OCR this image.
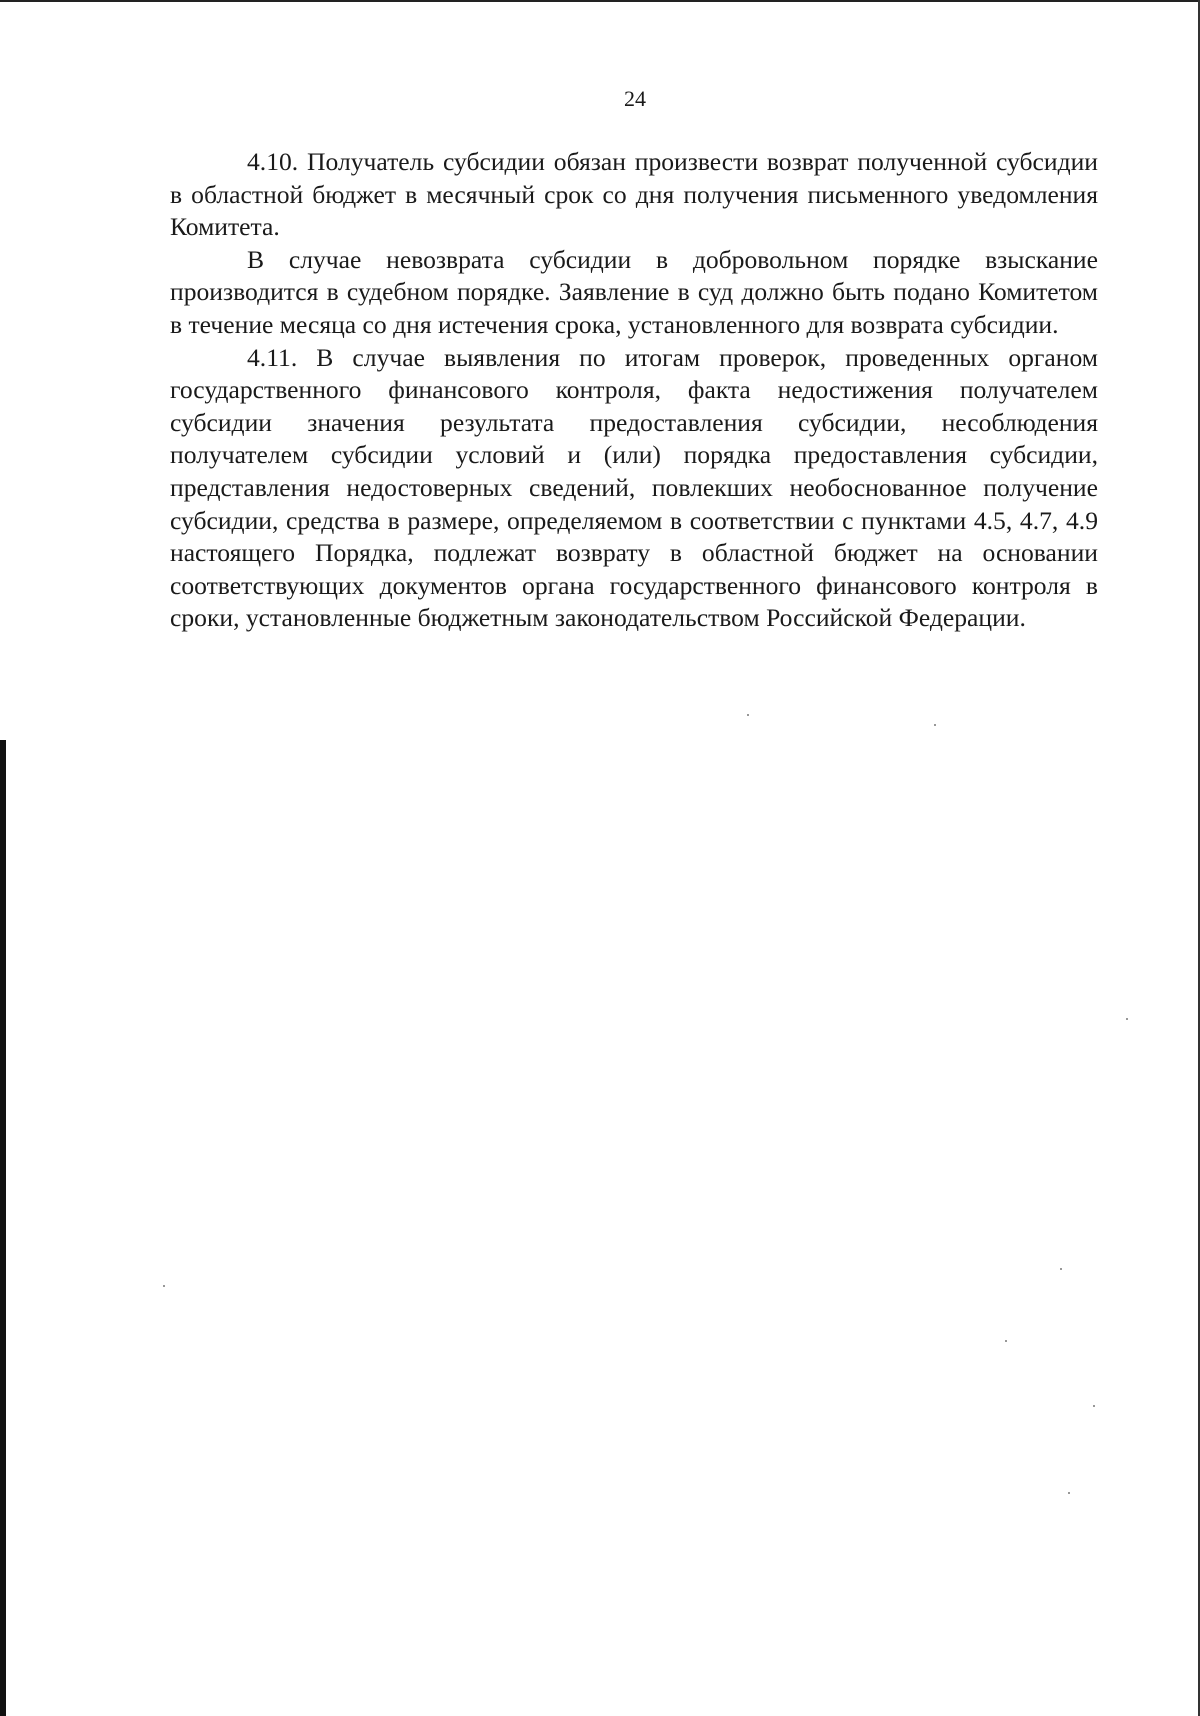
24

4.10. Получатель субсидии обязан произвести возврат полученной субсидии в областной бюджет в месячный срок со дня получения письменного уведомления Комитета.

В случае невозврата субсидии в добровольном порядке взыскание производится в судебном порядке. Заявление в суд должно быть подано Комитетом в течение месяца со дня истечения срока, установленного для возврата субсидии.

4.11. В случае выявления по итогам проверок, проведенных органом государственного финансового контроля, факта недостижения получателем субсидии значения результата предоставления субсидии, несоблюдения получателем субсидии условий и (или) порядка предоставления субсидии, представления недостоверных сведений, повлекших необоснованное получение субсидии, средства в размере, определяемом в соответствии с пунктами 4.5, 4.7, 4.9 настоящего Порядка, подлежат возврату в областной бюджет на основании соответствующих документов органа государственного финансового контроля в сроки, установленные бюджетным законодательством Российской Федерации.
